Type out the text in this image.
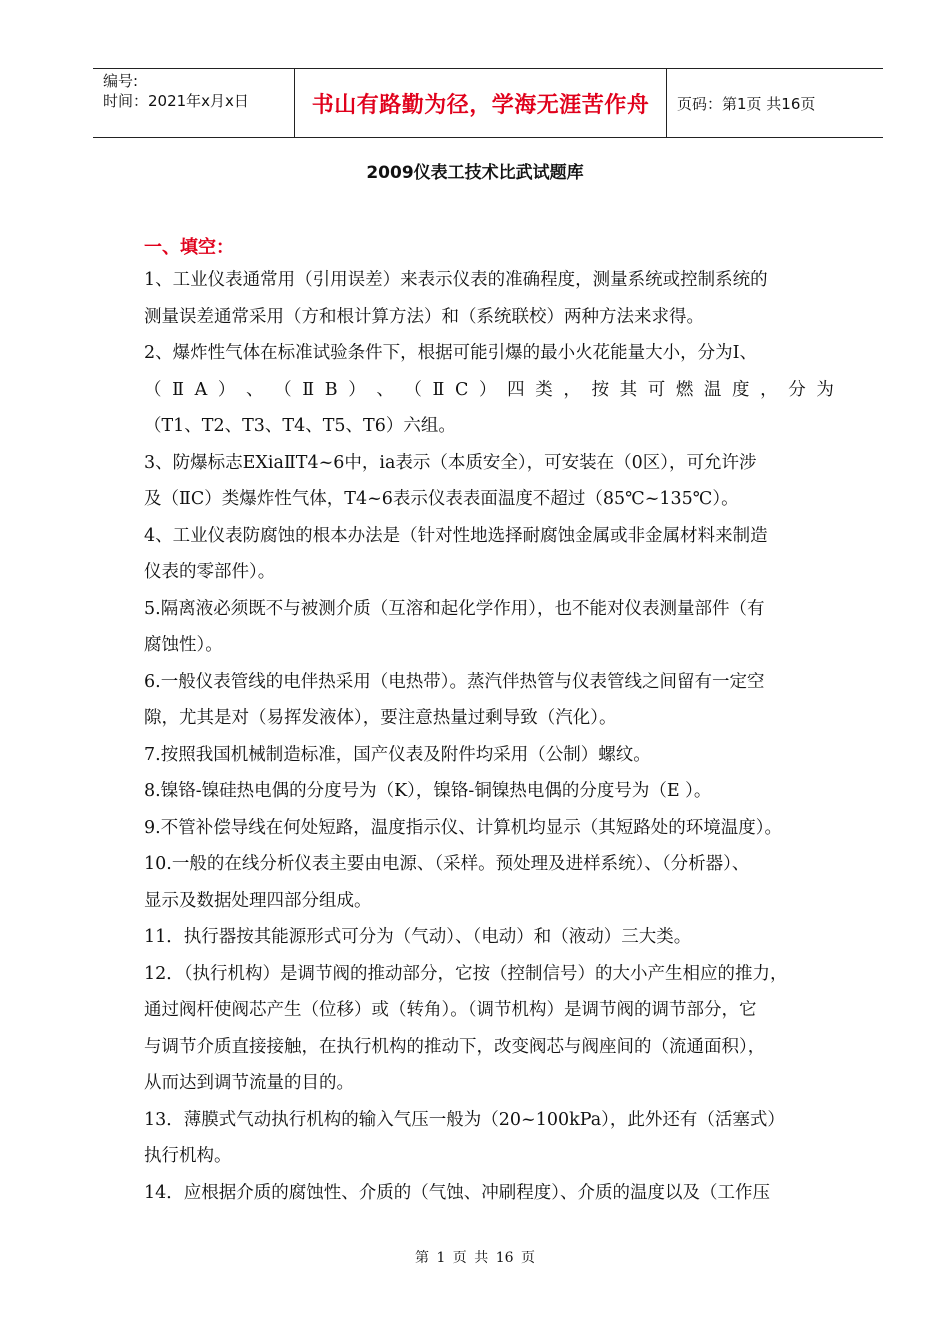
编号:
时间：2021年x月x日	书山有路勤为径，学海无涯苦作舟 页码：第1页 共16页
2009仪表工技术比武试题库
一、填空：
1、工业仪表通常用（引用误差）来表示仪表的准确程度，测量系统或控制系统的
测量误差通常采用（方和根计算方法）和（系统联校）两种方法来求得。
2、爆炸性气体在标准试验条件下，根据可能引爆的最小火花能量大小，分为Ⅰ、
（ Ⅱ A ） 、 （ Ⅱ B ） 、 （ Ⅱ C ） 四 类 ， 按 其 可 燃 温 度 ， 分 为
（T1、T2、T3、T4、T5、T6）六组。
3、防爆标志EXiaⅡT4~6中，ia表示（本质安全），可安装在（0区），可允许涉
及（ⅡC）类爆炸性气体，T4~6表示仪表表面温度不超过（85℃~135℃）。
4、工业仪表防腐蚀的根本办法是（针对性地选择耐腐蚀金属或非金属材料来制造
仪表的零部件）。
5.隔离液必须既不与被测介质（互溶和起化学作用），也不能对仪表测量部件（有
腐蚀性）。
6.一般仪表管线的电伴热采用（电热带）。蒸汽伴热管与仪表管线之间留有一定空
隙，尤其是对（易挥发液体），要注意热量过剩导致（汽化）。
7.按照我国机械制造标准，国产仪表及附件均采用（公制）螺纹。
8.镍铬-镍硅热电偶的分度号为（K），镍铬-铜镍热电偶的分度号为（E ）。
9.不管补偿导线在何处短路，温度指示仪、计算机均显示（其短路处的环境温度）。
10.一般的在线分析仪表主要由电源、（采样。预处理及进样系统）、（分析器）、
显示及数据处理四部分组成。
11．执行器按其能源形式可分为（气动）、（电动）和（液动）三大类。
12．（执行机构）是调节阀的推动部分，它按（控制信号）的大小产生相应的推力，
通过阀杆使阀芯产生（位移）或（转角）。（调节机构）是调节阀的调节部分，它
与调节介质直接接触，在执行机构的推动下，改变阀芯与阀座间的（流通面积），
从而达到调节流量的目的。
13．薄膜式气动执行机构的输入气压一般为（20~100kPa），此外还有（活塞式）
执行机构。
14．应根据介质的腐蚀性、介质的（气蚀、冲刷程度）、介质的温度以及（工作压
第 1 页 共 16 页
